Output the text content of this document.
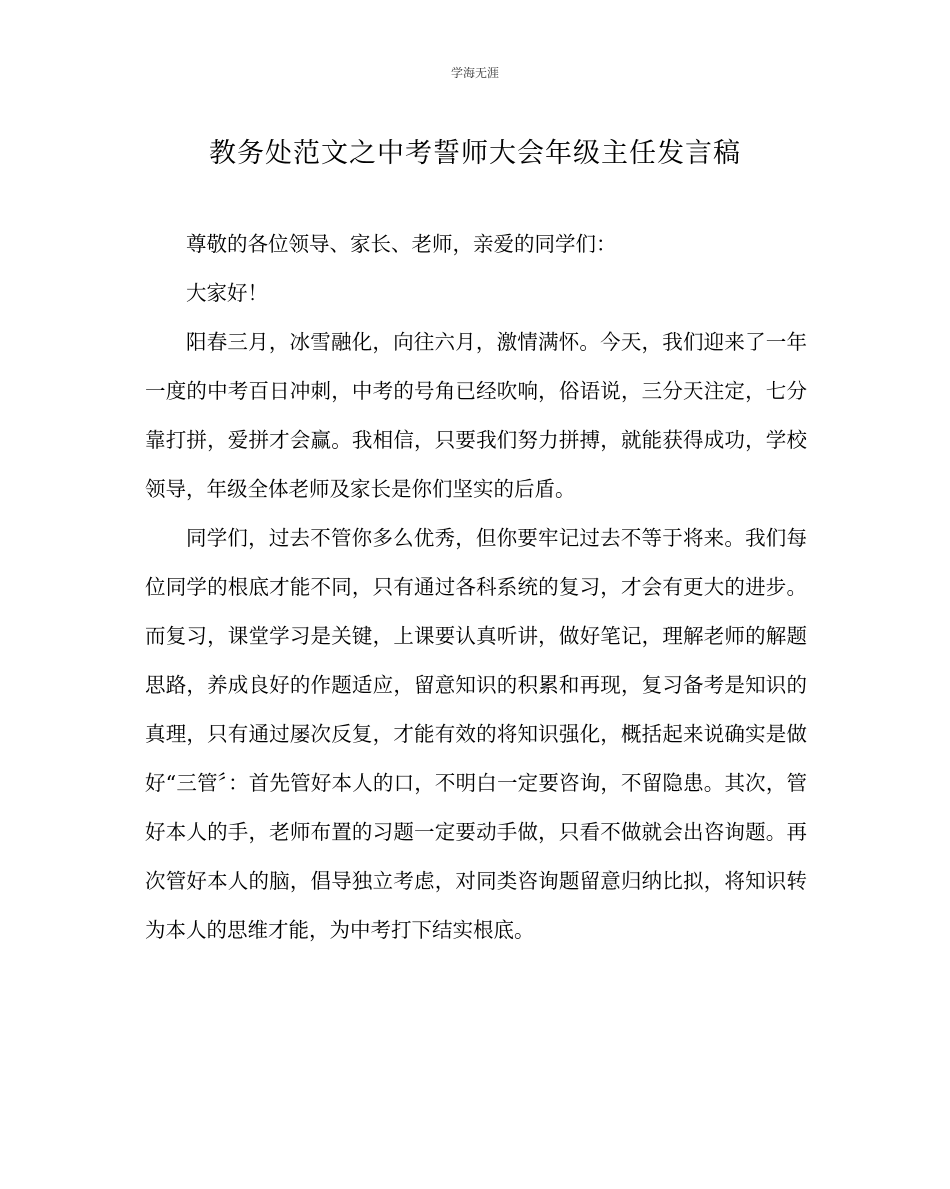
学海无涯
教务处范文之中考誓师大会年级主任发言稿

尊敬的各位领导、家长、老师，亲爱的同学们：

大家好！

阳春三月，冰雪融化，向往六月，激情满怀。今天，我们迎来了一年一度的中考百日冲刺，中考的号角已经吹响，俗语说，三分天注定，七分靠打拼，爱拼才会赢。我相信，只要我们努力拼搏，就能获得成功，学校领导，年级全体老师及家长是你们坚实的后盾。

同学们，过去不管你多么优秀，但你要牢记过去不等于将来。我们每位同学的根底才能不同，只有通过各科系统的复习，才会有更大的进步。而复习，课堂学习是关键，上课要认真听讲，做好笔记，理解老师的解题思路，养成良好的作题适应，留意知识的积累和再现，复习备考是知识的真理，只有通过屡次反复，才能有效的将知识强化，概括起来说确实是做好“三管〞：首先管好本人的口，不明白一定要咨询，不留隐患。其次，管好本人的手，老师布置的习题一定要动手做，只看不做就会出咨询题。再次管好本人的脑，倡导独立考虑，对同类咨询题留意归纳比拟，将知识转为本人的思维才能，为中考打下结实根底。
